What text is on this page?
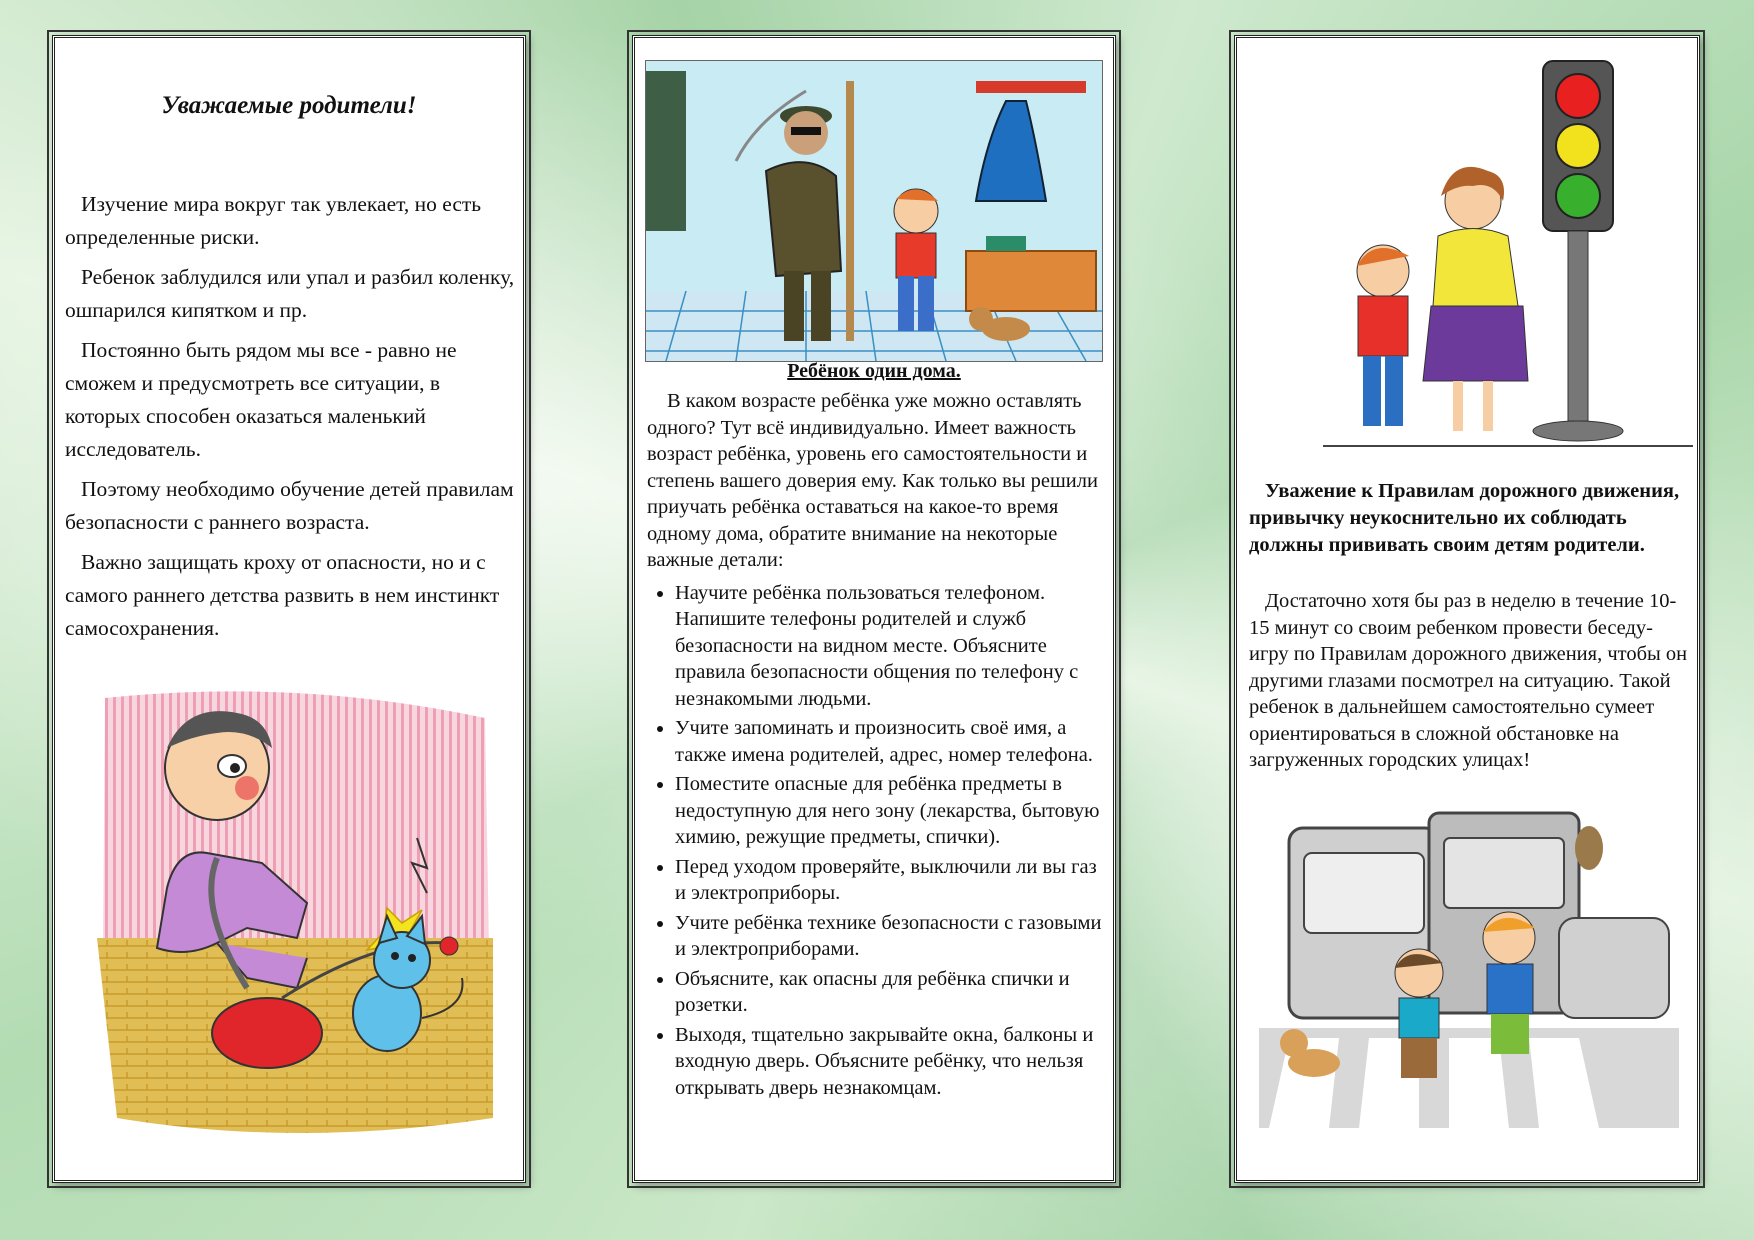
Уважаемые родители!

Изучение мира вокруг так увлекает, но есть определенные риски.

Ребенок заблудился или упал и разбил коленку, ошпарился кипятком и пр.

Постоянно быть рядом мы все - равно не сможем и предусмотреть все ситуации, в которых способен оказаться маленький исследователь.

Поэтому необходимо обучение детей правилам безопасности с раннего возраста.

Важно защищать кроху от опасности, но и с самого раннего детства развить в нем инстинкт самосохранения.

Ребёнок один дома.

В каком возрасте ребёнка уже можно оставлять одного? Тут всё индивидуально. Имеет важность возраст ребёнка, уровень его самостоятельности и степень вашего доверия ему. Как только вы решили приучать ребёнка оставаться на какое-то время одному дома, обратите внимание на некоторые важные детали:

• Научите ребёнка пользоваться телефоном. Напишите телефоны родителей и служб безопасности на видном месте. Объясните правила безопасности общения по телефону с незнакомыми людьми.
• Учите запоминать и произносить своё имя, а также имена родителей, адрес, номер телефона.
• Поместите опасные для ребёнка предметы в недоступную для него зону (лекарства, бытовую химию, режущие предметы, спички).
• Перед уходом проверяйте, выключили ли вы газ и электроприборы.
• Учите ребёнка технике безопасности с газовыми и электроприборами.
• Объясните, как опасны для ребёнка спички и розетки.
• Выходя, тщательно закрывайте окна, балконы и входную дверь. Объясните ребёнку, что нельзя открывать дверь незнакомцам.
Уважение к Правилам дорожного движения, привычку неукоснительно их соблюдать должны прививать своим детям родители.
Достаточно хотя бы раз в неделю в течение 10-15 минут со своим ребенком провести беседу-игру по Правилам дорожного движения, чтобы он другими глазами посмотрел на ситуацию. Такой ребенок в дальнейшем самостоятельно сумеет ориентироваться в сложной обстановке на загруженных городских улицах!
